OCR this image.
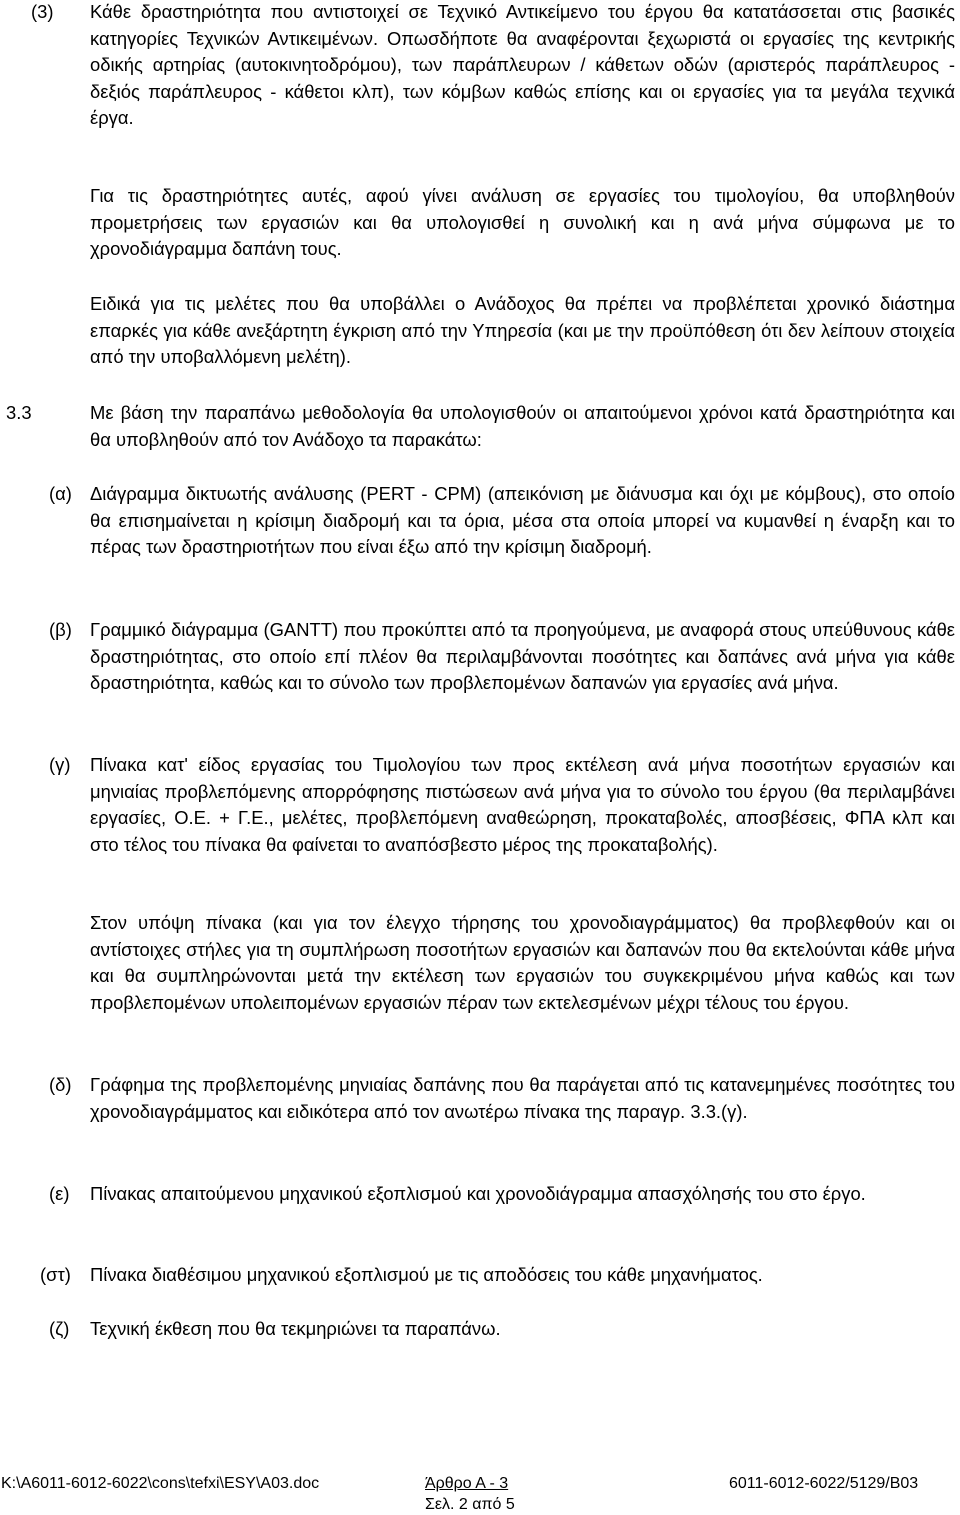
(3) Κάθε δραστηριότητα που αντιστοιχεί σε Τεχνικό Αντικείμενο του έργου θα κατατάσσεται στις βασικές κατηγορίες Τεχνικών Αντικειμένων. Οπωσδήποτε θα αναφέρονται ξεχωριστά οι εργασίες της κεντρικής οδικής αρτηρίας (αυτοκινητοδρόμου), των παράπλευρων / κάθετων οδών (αριστερός παράπλευρος - δεξιός παράπλευρος - κάθετοι κλπ), των κόμβων καθώς επίσης και οι εργασίες για τα μεγάλα τεχνικά έργα.

Για τις δραστηριότητες αυτές, αφού γίνει ανάλυση σε εργασίες του τιμολογίου, θα υποβληθούν προμετρήσεις των εργασιών και θα υπολογισθεί η συνολική και η ανά μήνα σύμφωνα με το χρονοδιάγραμμα δαπάνη τους.

Ειδικά για τις μελέτες που θα υποβάλλει ο Ανάδοχος θα πρέπει να προβλέπεται χρονικό διάστημα επαρκές για κάθε ανεξάρτητη έγκριση από την Υπηρεσία (και με την προϋπόθεση ότι δεν λείπουν στοιχεία από την υποβαλλόμενη μελέτη).

3.3	Με βάση την παραπάνω μεθοδολογία θα υπολογισθούν οι απαιτούμενοι χρόνοι κατά δραστηριότητα και θα υποβληθούν από τον Ανάδοχο τα παρακάτω:

(α) Διάγραμμα δικτυωτής ανάλυσης (PERT - CPM) (απεικόνιση με διάνυσμα και όχι με κόμβους), στο οποίο θα επισημαίνεται η κρίσιμη διαδρομή και τα όρια, μέσα στα οποία μπορεί να κυμανθεί η έναρξη και το πέρας των δραστηριοτήτων που είναι έξω από την κρίσιμη διαδρομή.

(β) Γραμμικό διάγραμμα (GANTT) που προκύπτει από τα προηγούμενα, με αναφορά στους υπεύθυνους κάθε δραστηριότητας, στο οποίο επί πλέον θα περιλαμβάνονται ποσότητες και δαπάνες ανά μήνα για κάθε δραστηριότητα, καθώς και το σύνολο των προβλεπομένων δαπανών για εργασίες ανά μήνα.

(γ) Πίνακα κατ' είδος εργασίας του Τιμολογίου των προς εκτέλεση ανά μήνα ποσοτήτων εργασιών και μηνιαίας προβλεπόμενης απορρόφησης πιστώσεων ανά μήνα για το σύνολο του έργου (θα περιλαμβάνει εργασίες, Ο.Ε. + Γ.Ε., μελέτες, προβλεπόμενη αναθεώρηση, προκαταβολές, αποσβέσεις, ΦΠΑ κλπ και στο τέλος του πίνακα θα φαίνεται το αναπόσβεστο μέρος της προκαταβολής).

Στον υπόψη πίνακα (και για τον έλεγχο τήρησης του χρονοδιαγράμματος) θα προβλεφθούν και οι αντίστοιχες στήλες για τη συμπλήρωση ποσοτήτων εργασιών και δαπανών που θα εκτελούνται κάθε μήνα και θα συμπληρώνονται μετά την εκτέλεση των εργασιών του συγκεκριμένου μήνα καθώς και των προβλεπομένων υπολειπομένων εργασιών πέραν των εκτελεσμένων μέχρι τέλους του έργου.

(δ) Γράφημα της προβλεπομένης μηνιαίας δαπάνης που θα παράγεται από τις κατανεμημένες ποσότητες του χρονοδιαγράμματος και ειδικότερα από τον ανωτέρω πίνακα της παραγρ. 3.3.(γ).

(ε) Πίνακας απαιτούμενου μηχανικού εξοπλισμού και χρονοδιάγραμμα απασχόλησής του στο έργο.

(στ) Πίνακα διαθέσιμου μηχανικού εξοπλισμού με τις αποδόσεις του κάθε μηχανήματος.

(ζ) Τεχνική έκθεση που θα τεκμηριώνει τα παραπάνω.

K:\A6011-6012-6022\cons\tefxi\ESY\A03.doc	Άρθρο Α - 3	6011-6012-6022/5129/Β03
Σελ. 2 από 5
